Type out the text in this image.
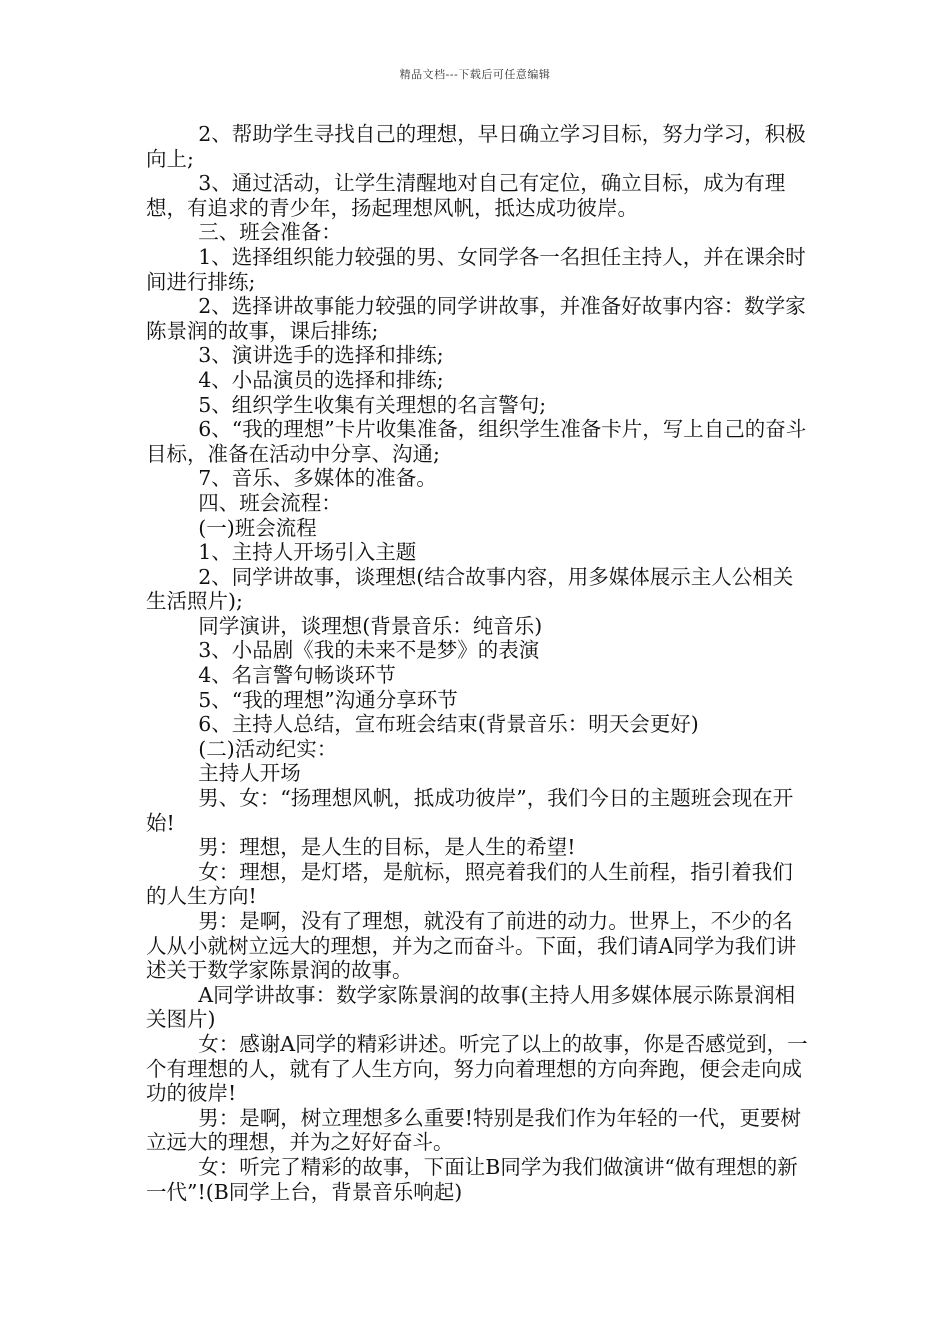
精品文档---下载后可任意编辑

2、帮助学生寻找自己的理想，早日确立学习目标，努力学习，积极向上;

3、通过活动，让学生清醒地对自己有定位，确立目标，成为有理想，有追求的青少年，扬起理想风帆，抵达成功彼岸。

三、班会准备：

1、选择组织能力较强的男、女同学各一名担任主持人，并在课余时间进行排练;

2、选择讲故事能力较强的同学讲故事，并准备好故事内容：数学家陈景润的故事，课后排练;

3、演讲选手的选择和排练;

4、小品演员的选择和排练;

5、组织学生收集有关理想的名言警句;

6、“我的理想”卡片收集准备，组织学生准备卡片，写上自己的奋斗目标，准备在活动中分享、沟通;

7、音乐、多媒体的准备。

四、班会流程：

(一)班会流程

1、主持人开场引入主题

2、同学讲故事，谈理想(结合故事内容，用多媒体展示主人公相关生活照片);

同学演讲，谈理想(背景音乐：纯音乐)

3、小品剧《我的未来不是梦》的表演

4、名言警句畅谈环节

5、“我的理想”沟通分享环节

6、主持人总结，宣布班会结束(背景音乐：明天会更好)

(二)活动纪实：

主持人开场

男、女：“扬理想风帆，抵成功彼岸”，我们今日的主题班会现在开始!

男：理想，是人生的目标，是人生的希望!

女：理想，是灯塔，是航标，照亮着我们的人生前程，指引着我们的人生方向!

男：是啊，没有了理想，就没有了前进的动力。世界上，不少的名人从小就树立远大的理想，并为之而奋斗。下面，我们请A同学为我们讲述关于数学家陈景润的故事。

A同学讲故事：数学家陈景润的故事(主持人用多媒体展示陈景润相关图片)

女：感谢A同学的精彩讲述。听完了以上的故事，你是否感觉到，一个有理想的人，就有了人生方向，努力向着理想的方向奔跑，便会走向成功的彼岸!

男：是啊，树立理想多么重要!特别是我们作为年轻的一代，更要树立远大的理想，并为之好好奋斗。

女：听完了精彩的故事，下面让B同学为我们做演讲“做有理想的新一代”!(B同学上台，背景音乐响起)
